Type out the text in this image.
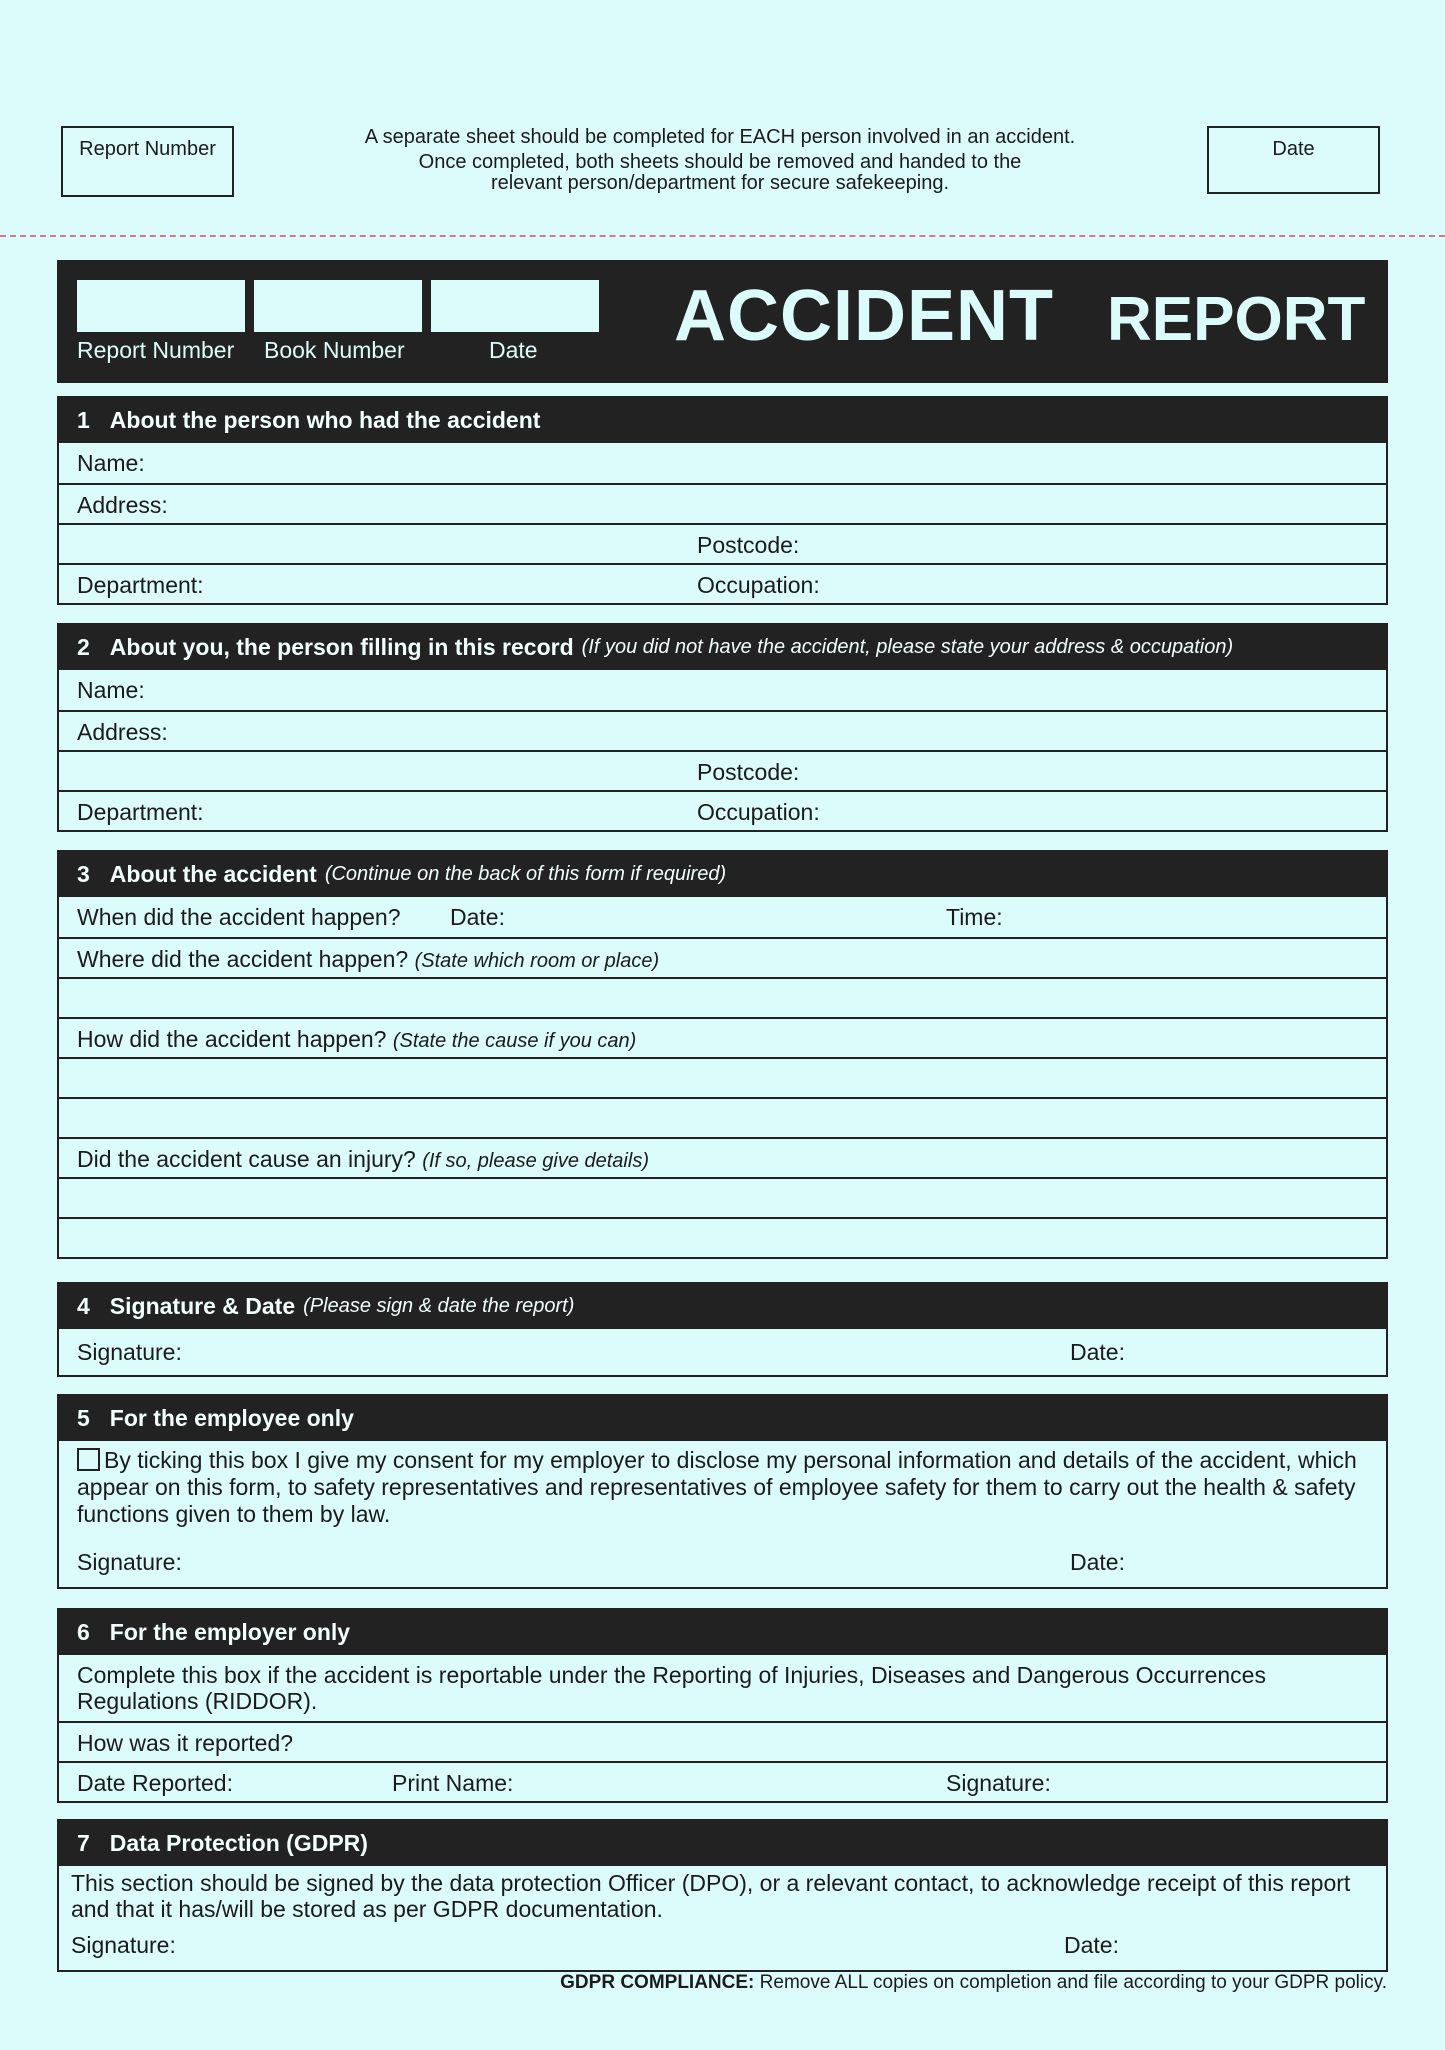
Report Number
A separate sheet should be completed for EACH person involved in an accident.
Once completed, both sheets should be removed and handed to the
relevant person/department for secure safekeeping.
Date
Report Number Book Number	Date ACCIDENT REPORT
1 About the person who had the accident
Name:
Address:
Postcode:
Department:	Occupation:
2 About you, the person filling in this record (If you did not have the accident, please state your address & occupation)
Name:
Address:
Postcode:
Department:	Occupation:
3 About the accident (Continue on the back of this form if required)
When did the accident happen? Date:	Time:
Where did the accident happen? (State which room or place)
How did the accident happen? (State the cause if you can)
Did the accident cause an injury? (If so, please give details)
4 Signature & Date (Please sign & date the report)
Signature:	Date:
5 For the employee only
By ticking this box I give my consent for my employer to disclose my personal information and details of the accident, which appear on this form, to safety representatives and representatives of employee safety for them to carry out the health & safety functions given to them by law.
Signature:	Date:
6 For the employer only
Complete this box if the accident is reportable under the Reporting of Injuries, Diseases and Dangerous Occurrences Regulations (RIDDOR).
How was it reported?
Date Reported:	Print Name:	Signature:
7 Data Protection (GDPR)
This section should be signed by the data protection Officer (DPO), or a relevant contact, to acknowledge receipt of this report and that it has/will be stored as per GDPR documentation.
Signature:	Date:
GDPR COMPLIANCE: Remove ALL copies on completion and file according to your GDPR policy.
